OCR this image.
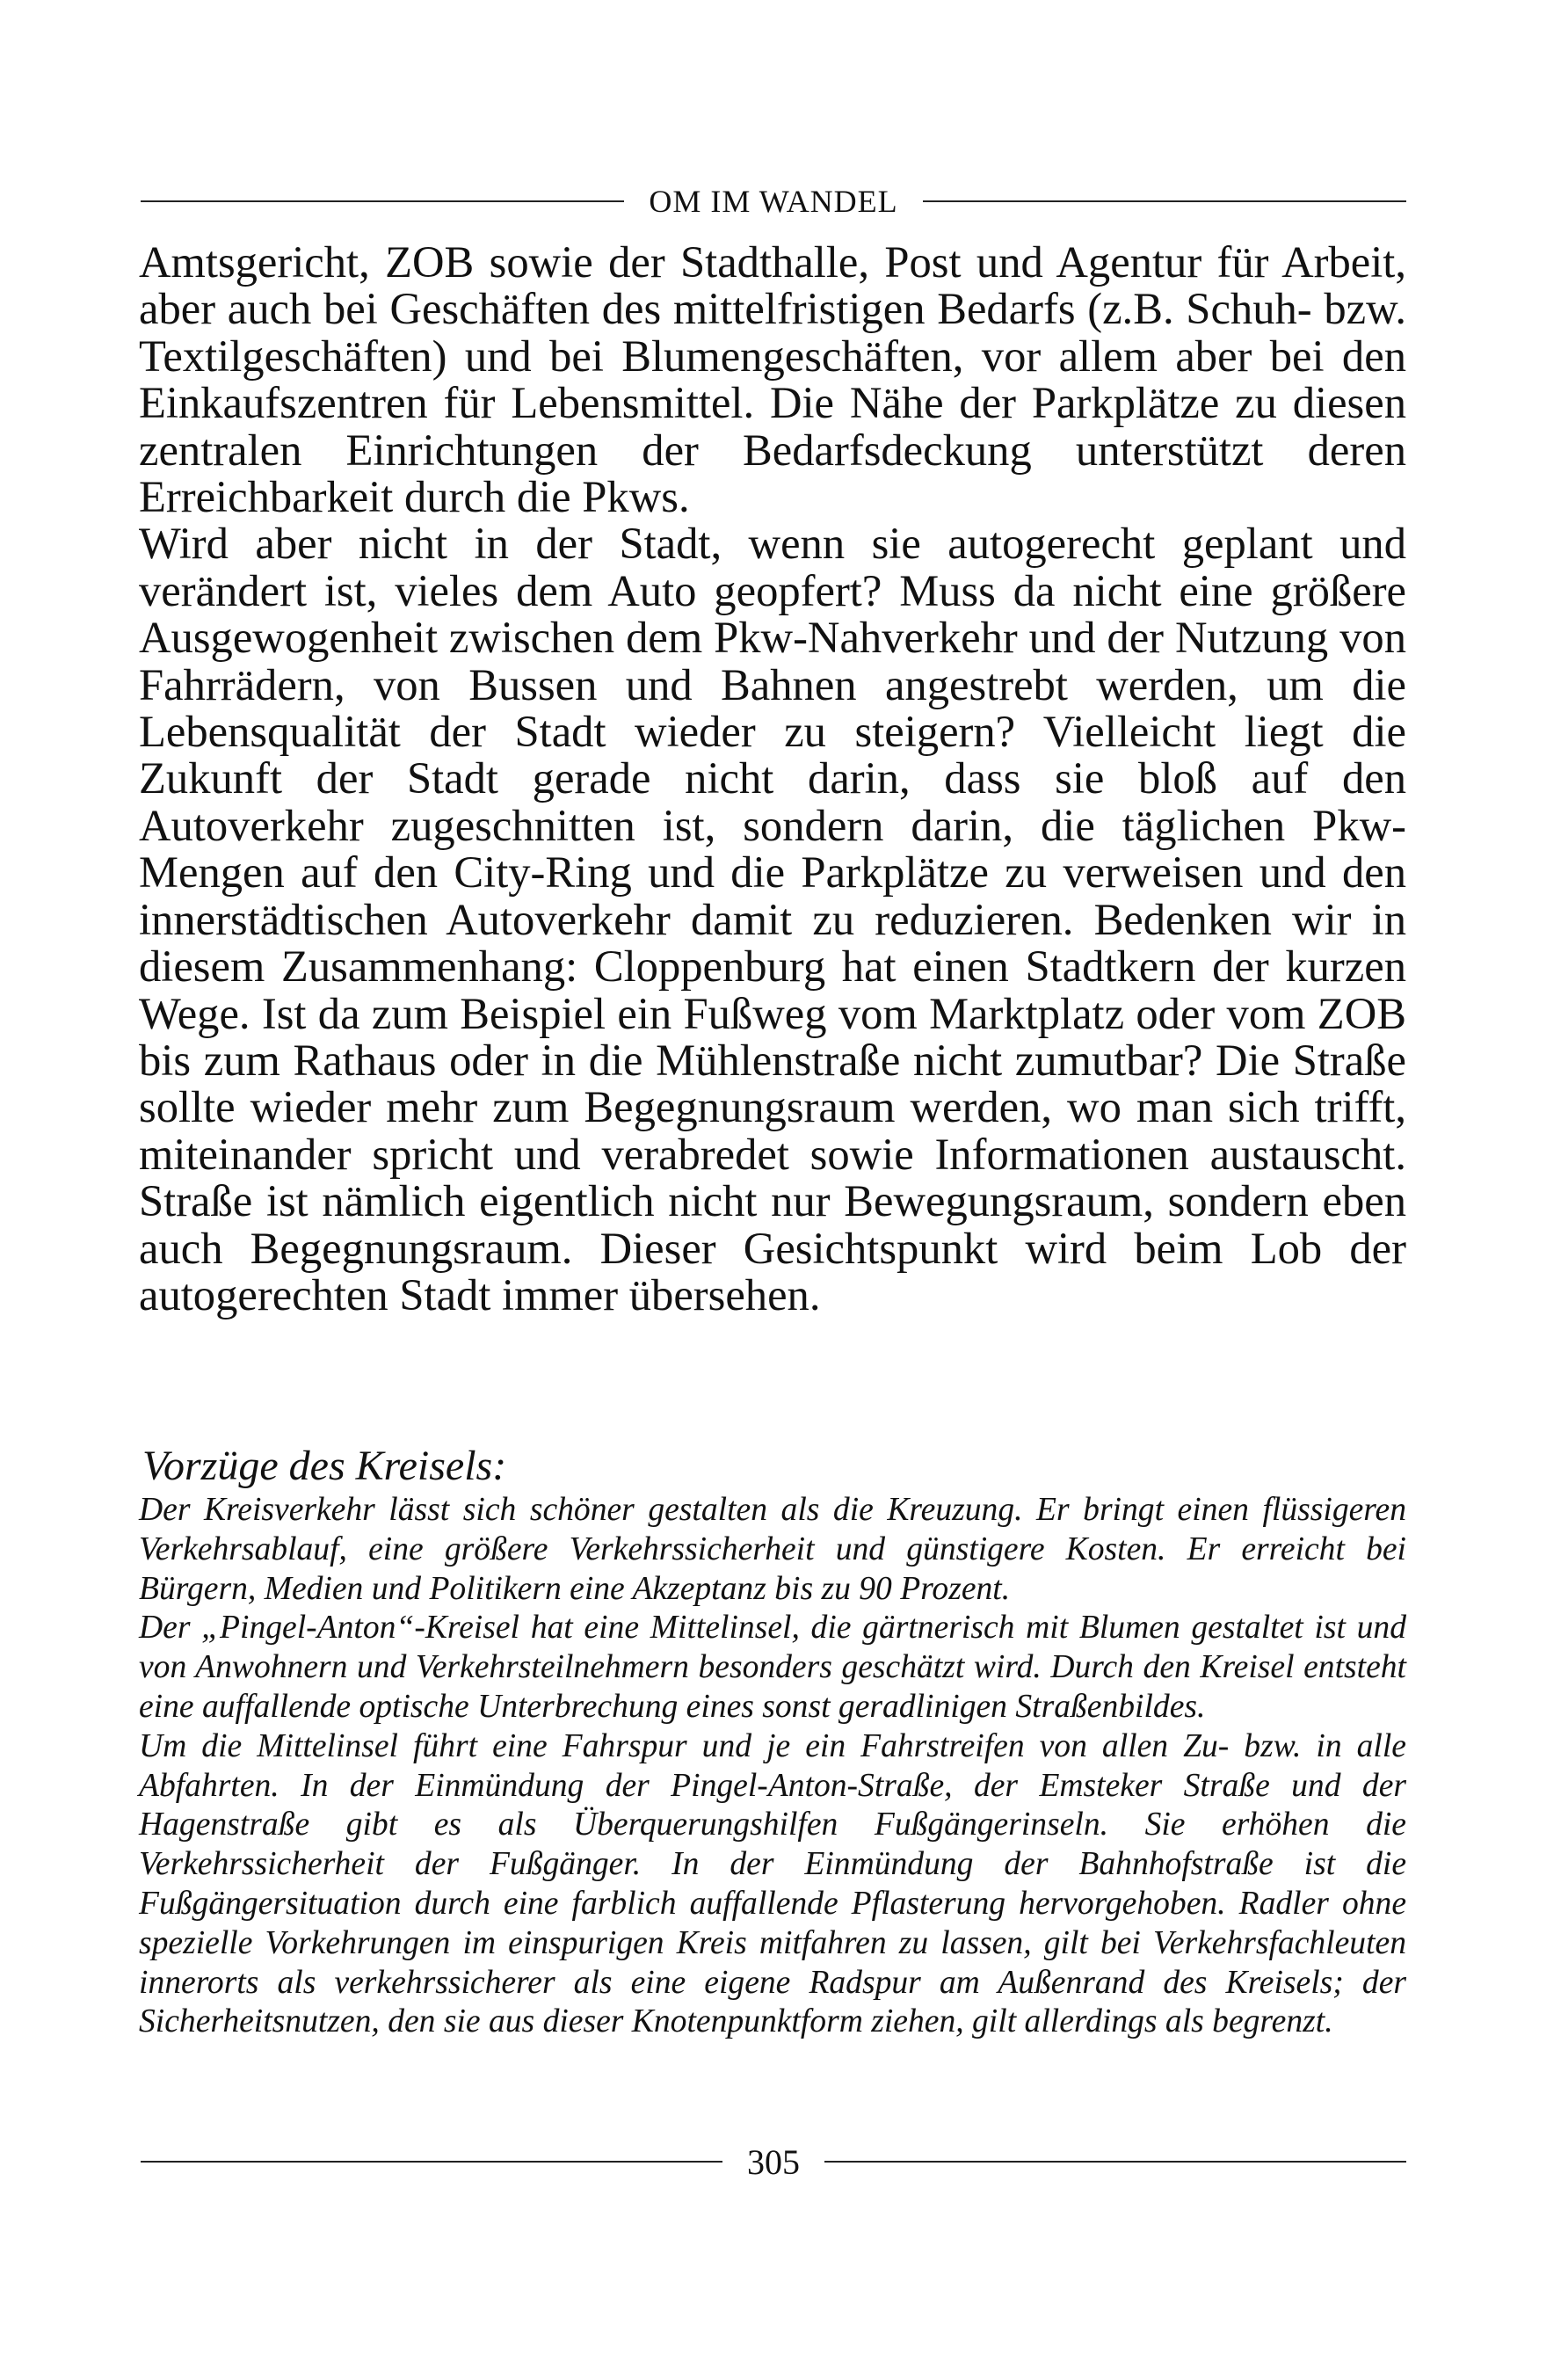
OM IM WANDEL

Amtsgericht, ZOB sowie der Stadthalle, Post und Agentur für Arbeit, aber auch bei Geschäften des mittelfristigen Bedarfs (z.B. Schuh- bzw. Textilgeschäften) und bei Blumengeschäften, vor allem aber bei den Einkaufszentren für Lebensmittel. Die Nähe der Parkplätze zu diesen zentralen Einrichtungen der Bedarfsdeckung unterstützt deren Erreichbarkeit durch die Pkws.

Wird aber nicht in der Stadt, wenn sie autogerecht geplant und verändert ist, vieles dem Auto geopfert? Muss da nicht eine größere Ausgewogenheit zwischen dem Pkw-Nahverkehr und der Nutzung von Fahrrädern, von Bussen und Bahnen angestrebt werden, um die Lebensqualität der Stadt wieder zu steigern? Vielleicht liegt die Zukunft der Stadt gerade nicht darin, dass sie bloß auf den Autoverkehr zugeschnitten ist, sondern darin, die täglichen Pkw-Mengen auf den City-Ring und die Parkplätze zu verweisen und den innerstädtischen Autoverkehr damit zu reduzieren. Bedenken wir in diesem Zusammenhang: Cloppenburg hat einen Stadtkern der kurzen Wege. Ist da zum Beispiel ein Fußweg vom Marktplatz oder vom ZOB bis zum Rathaus oder in die Mühlenstraße nicht zumutbar? Die Straße sollte wieder mehr zum Begegnungsraum werden, wo man sich trifft, miteinander spricht und verabredet sowie Informationen austauscht. Straße ist nämlich eigentlich nicht nur Bewegungsraum, sondern eben auch Begegnungsraum. Dieser Gesichtspunkt wird beim Lob der autogerechten Stadt immer übersehen.

Vorzüge des Kreisels:

Der Kreisverkehr lässt sich schöner gestalten als die Kreuzung. Er bringt einen flüssigeren Verkehrsablauf, eine größere Verkehrssicherheit und günstigere Kosten. Er erreicht bei Bürgern, Medien und Politikern eine Akzeptanz bis zu 90 Prozent.

Der „Pingel-Anton“-Kreisel hat eine Mittelinsel, die gärtnerisch mit Blumen gestaltet ist und von Anwohnern und Verkehrsteilnehmern besonders geschätzt wird. Durch den Kreisel entsteht eine auffallende optische Unterbrechung eines sonst geradlinigen Straßenbildes.

Um die Mittelinsel führt eine Fahrspur und je ein Fahrstreifen von allen Zu- bzw. in alle Abfahrten. In der Einmündung der Pingel-Anton-Straße, der Emsteker Straße und der Hagenstraße gibt es als Überquerungshilfen Fußgängerinseln. Sie erhöhen die Verkehrssicherheit der Fußgänger. In der Einmündung der Bahnhofstraße ist die Fußgängersituation durch eine farblich auffallende Pflasterung hervorgehoben. Radler ohne spezielle Vorkehrungen im einspurigen Kreis mitfahren zu lassen, gilt bei Verkehrsfachleuten innerorts als verkehrssicherer als eine eigene Radspur am Außenrand des Kreisels; der Sicherheitsnutzen, den sie aus dieser Knotenpunktform ziehen, gilt allerdings als begrenzt.

305
